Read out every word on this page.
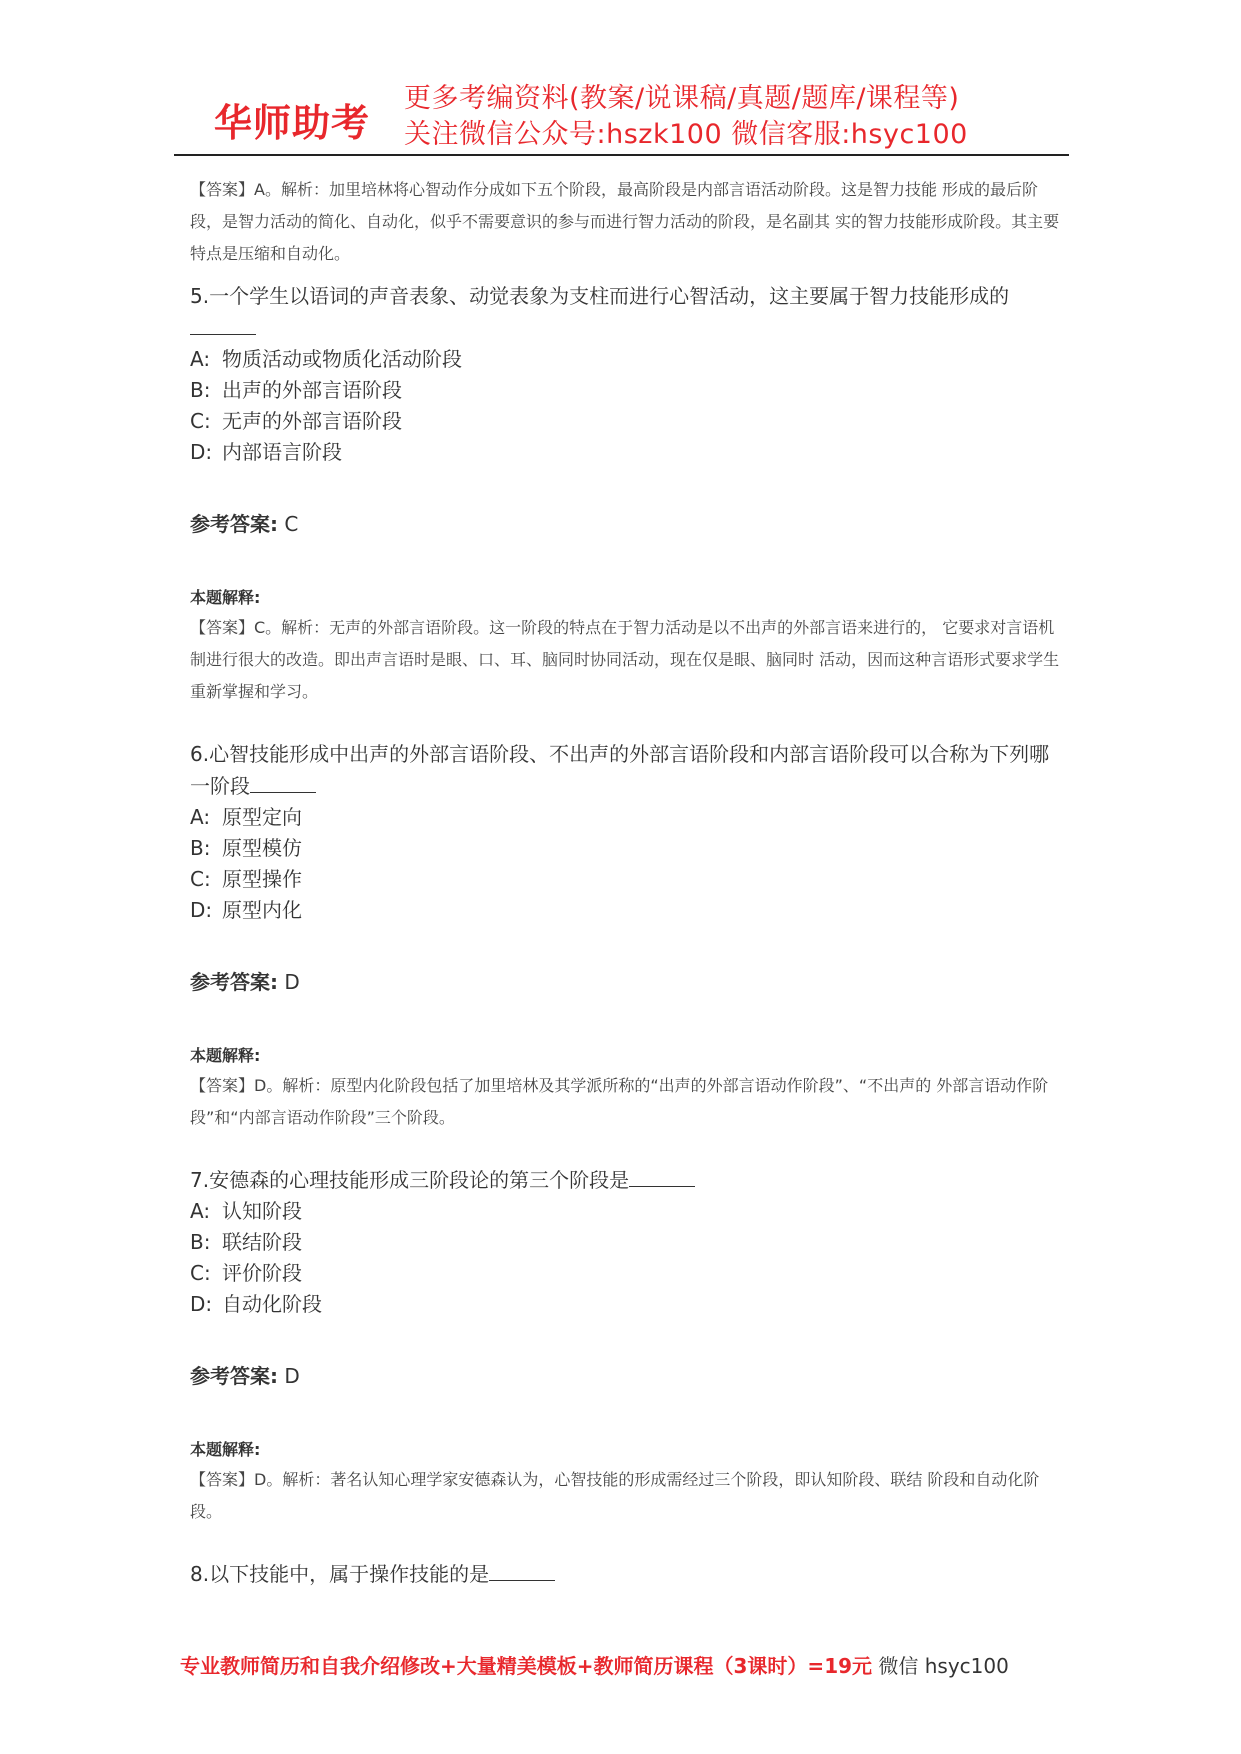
华师助考
更多考编资料(教案/说课稿/真题/题库/课程等)
关注微信公众号:hszk100 微信客服:hsyc100

【答案】A。解析：加里培林将心智动作分成如下五个阶段，最高阶段是内部言语活动阶段。这是智力技能 形成的最后阶段，是智力活动的简化、自动化，似乎不需要意识的参与而进行智力活动的阶段，是名副其 实的智力技能形成阶段。其主要特点是压缩和自动化。

5.一个学生以语词的声音表象、动觉表象为支柱而进行心智活动，这主要属于智力技能形成的

A: 物质活动或物质化活动阶段

B: 出声的外部言语阶段

C: 无声的外部言语阶段

D: 内部语言阶段

参考答案: C

本题解释:

【答案】C。解析：无声的外部言语阶段。这一阶段的特点在于智力活动是以不出声的外部言语来进行的， 它要求对言语机制进行很大的改造。即出声言语时是眼、口、耳、脑同时协同活动，现在仅是眼、脑同时 活动，因而这种言语形式要求学生重新掌握和学习。

6.心智技能形成中出声的外部言语阶段、不出声的外部言语阶段和内部言语阶段可以合称为下列哪一阶段

A: 原型定向

B: 原型模仿

C: 原型操作

D: 原型内化

参考答案: D

本题解释:

【答案】D。解析：原型内化阶段包括了加里培林及其学派所称的“出声的外部言语动作阶段”、“不出声的 外部言语动作阶段”和“内部言语动作阶段”三个阶段。

7.安德森的心理技能形成三阶段论的第三个阶段是

A: 认知阶段

B: 联结阶段

C: 评价阶段

D: 自动化阶段

参考答案: D

本题解释:

【答案】D。解析：著名认知心理学家安德森认为，心智技能的形成需经过三个阶段，即认知阶段、联结 阶段和自动化阶段。

8.以下技能中，属于操作技能的是

专业教师简历和自我介绍修改+大量精美模板+教师简历课程（3课时）=19元 微信 hsyc100
